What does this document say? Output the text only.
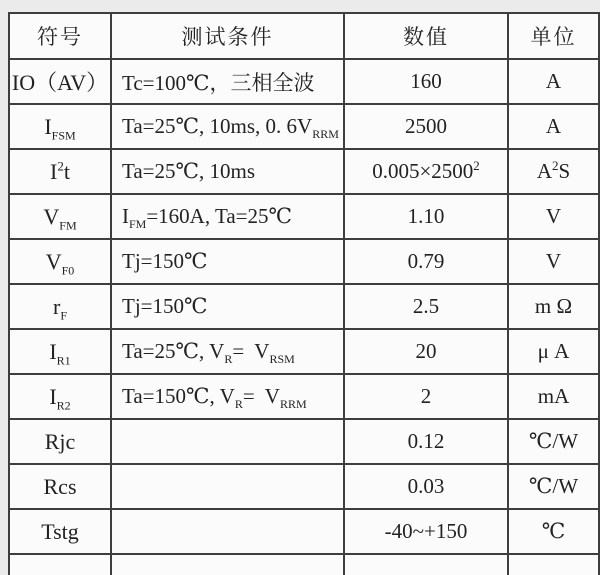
符号	测试条件	数值	单位
IO（AV）	Tc=100℃，三相全波	160	A
$I_{FSM}$	Ta=25℃, 10ms, 0. $6V_{RRM}$	2500	A
$I^2t$	Ta=25℃, 10ms	$0.005\times 2500^2$	$A^2S$
$V_{FM}$	$I_{FM}=160A$, Ta=25℃	1.10	V
$V_{F0}$	Tj=150℃	0.79	V
$r_F$	Tj=150℃	2.5	m Ω
$I_{R1}$	Ta=25℃, $V_R= V_{RSM}$	20	μ A
$I_{R2}$	Ta=150℃, $V_R= V_{RRM}$	2	mA
Rjc		0.12	℃/W
Rcs		0.03	℃/W
Tstg		-40~+150	℃
